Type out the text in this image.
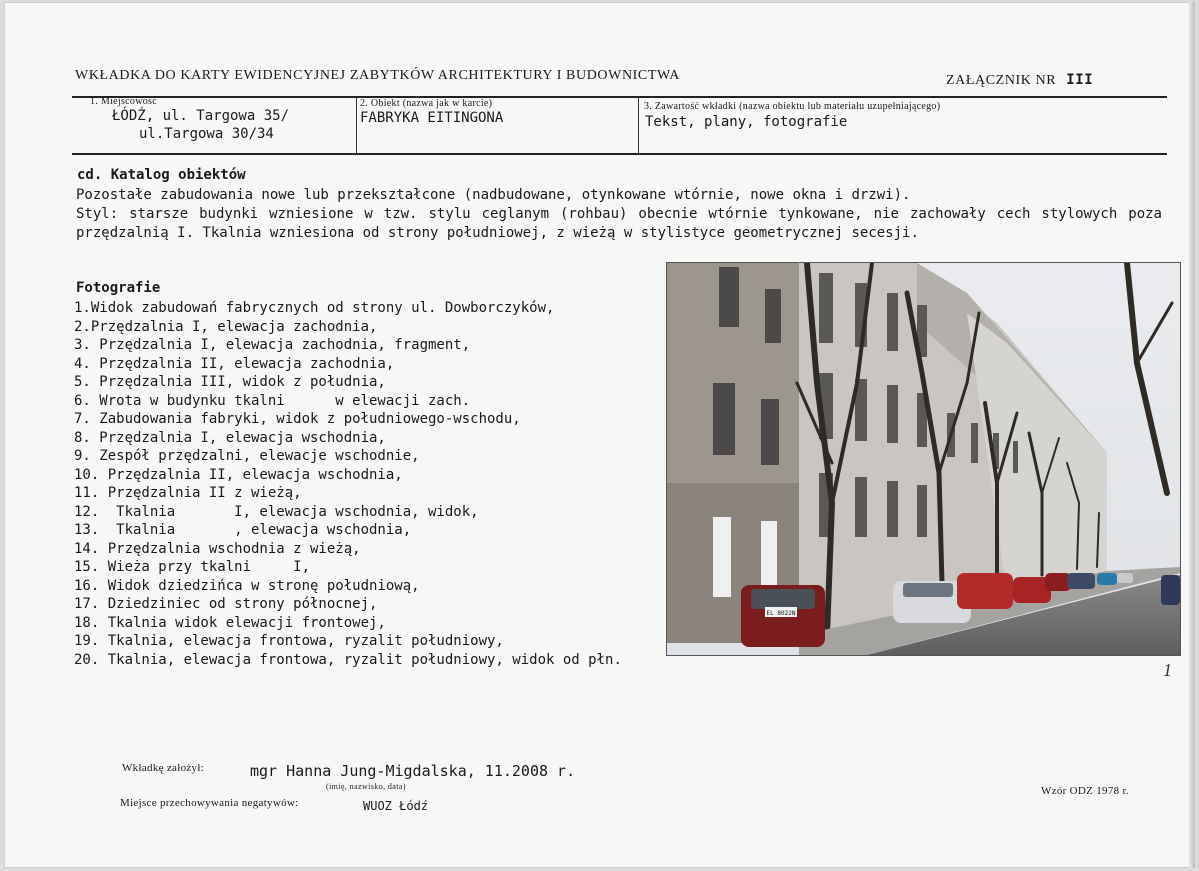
WKŁADKA DO KARTY EWIDENCYJNEJ ZABYTKÓW ARCHITEKTURY I BUDOWNICTWA	ZAŁĄCZNIK NR III
1. Miejscowość
ŁÓDŹ, ul. Targowa 35/
ul.Targowa 30/34
2. Obiekt (nazwa jak w karcie)
FABRYKA EITINGONA
3. Zawartość wkładki (nazwa obiektu lub materiału uzupełniającego)
Tekst, plany, fotografie
cd. Katalog obiektów

Pozostałe zabudowania nowe lub przekształcone (nadbudowane, otynkowane wtórnie, nowe okna i drzwi).

Styl: starsze budynki wzniesione w tzw. stylu ceglanym (rohbau) obecnie wtórnie tynkowane, nie zachowały cech stylowych poza przędzalnią I. Tkalnia wzniesiona od strony południowej, z wieżą w stylistyce geometrycznej secesji.

Fotografie
1.Widok zabudowań fabrycznych od strony ul. Dowborczyków,
2.Przędzalnia I, elewacja zachodnia,
3. Przędzalnia I, elewacja zachodnia, fragment,
4. Przędzalnia II, elewacja zachodnia,
5. Przędzalnia III, widok z południa,
6. Wrota w budynku tkalni      w elewacji zach.
7. Zabudowania fabryki, widok z południowego-wschodu,
8. Przędzalnia I, elewacja wschodnia,
9. Zespół przędzalni, elewacje wschodnie,
10. Przędzalnia II, elewacja wschodnia,
11. Przędzalnia II z wieżą,
12.  Tkalnia       I, elewacja wschodnia, widok,
13.  Tkalnia       , elewacja wschodnia,
14. Przędzalnia wschodnia z wieżą,
15. Wieża przy tkalni     I,
16. Widok dziedzińca w stronę południową,
17. Dziedziniec od strony północnej,
18. Tkalnia widok elewacji frontowej,
19. Tkalnia, elewacja frontowa, ryzalit południowy,
20. Tkalnia, elewacja frontowa, ryzalit południowy, widok od płn.
EL 8022N
1
Wkładkę założył:	mgr Hanna Jung-Migdalska, 11.2008 r.
(imię, nazwisko, data)
Miejsce przechowywania negatywów:	WUOZ Łódź
Wzór ODZ 1978 r.
